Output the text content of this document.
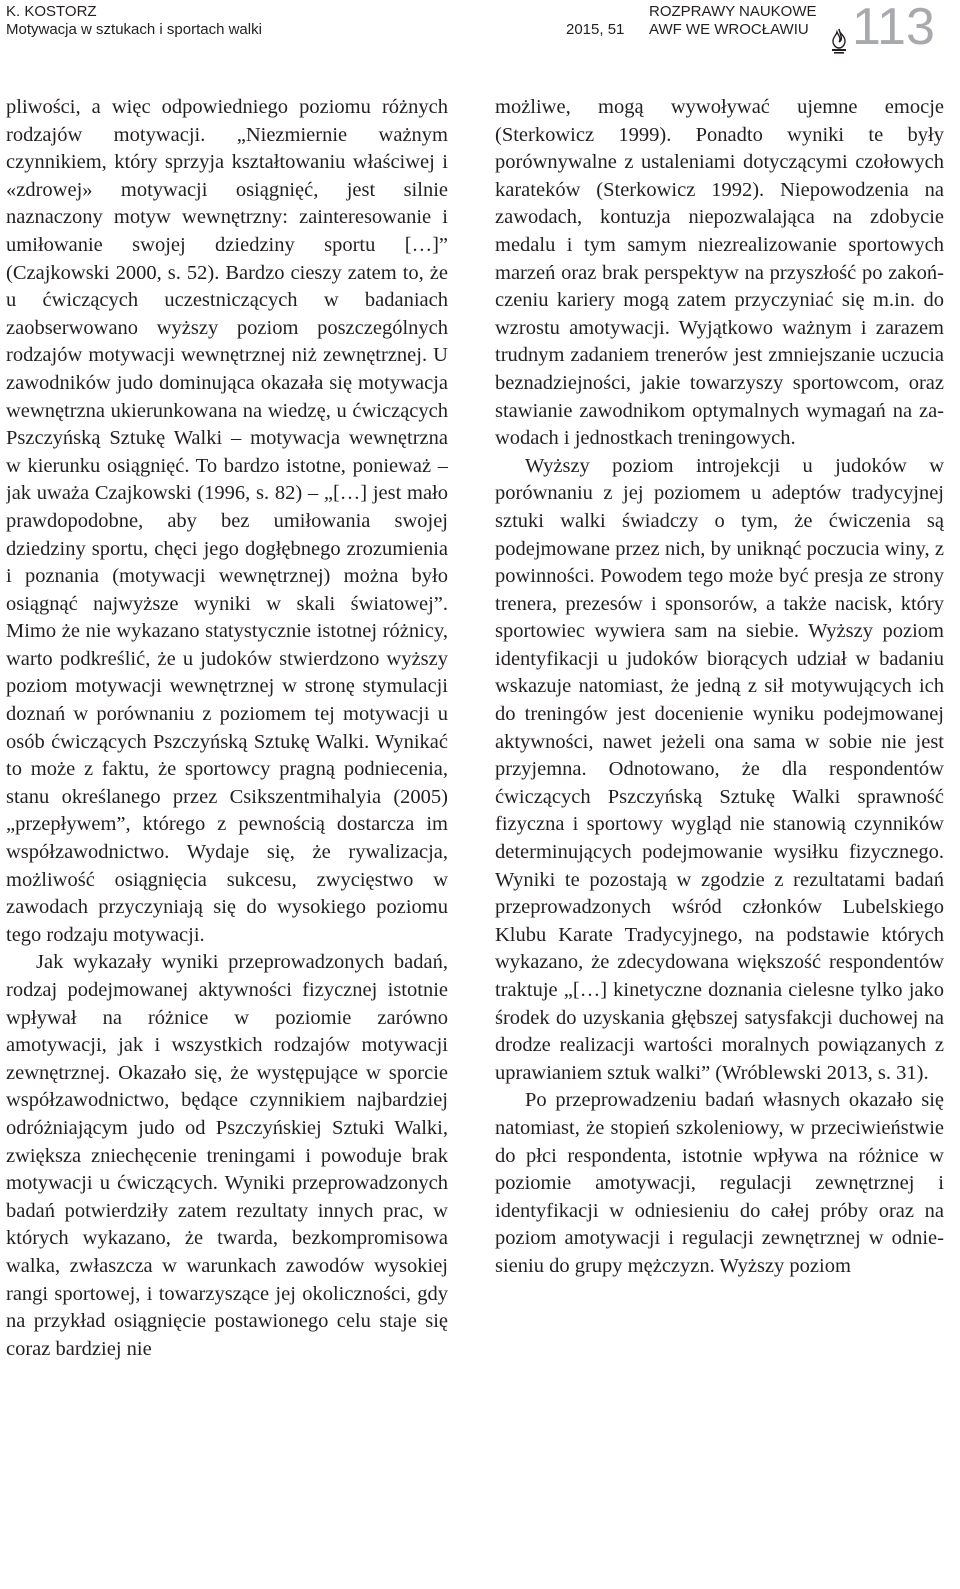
K. KOSTORZ
Motywacja w sztukach i sportach walki	2015, 51
ROZPRAWY NAUKOWE
AWF WE WROCŁAWIU 113

pliwości, a więc odpowiedniego poziomu różnych rodzajów motywacji. „Niezmiernie ważnym czynnikiem, który sprzyja kształtowaniu właściwej i «zdrowej» motywacji osiągnięć, jest silnie naznaczony motyw wewnętrzny: zainteresowanie i umiłowanie swojej dziedziny sportu […]” (Czajkowski 2000, s. 52). Bardzo cieszy zatem to, że u ćwiczących uczestniczących w badaniach zaobserwowano wyższy poziom poszczególnych rodzajów motywacji wewnętrznej niż zewnętrznej. U zawodników judo dominująca okazała się motywacja wewnętrzna ukierunkowana na wiedzę, u ćwiczących Pszczyńską Sztukę Walki – motywacja wewnętrzna w kierunku osiągnięć. To bardzo istotne, ponieważ – jak uważa Czajkowski (1996, s. 82) – „[…] jest mało prawdopodobne, aby bez umiłowania swojej dziedziny sportu, chęci jego dogłębnego zrozumienia i poznania (motywacji wewnętrznej) można było osiągnąć najwyższe wyniki w skali światowej”. Mimo że nie wykazano statystycznie istotnej różnicy, warto podkreślić, że u judoków stwierdzono wyższy poziom motywacji wewnętrznej w stronę stymulacji doznań w porównaniu z poziomem tej motywacji u osób ćwiczących Pszczyńską Sztukę Walki. Wynikać to może z faktu, że sportowcy pragną podniecenia, stanu określanego przez Csikszentmihalyia (2005) „przepływem”, którego z pewnością dostarcza im współzawodnictwo. Wydaje się, że rywalizacja, możliwość osiągnięcia sukcesu, zwycięstwo w zawodach przyczyniają się do wysokiego poziomu tego rodzaju motywacji.

Jak wykazały wyniki przeprowadzonych badań, rodzaj podejmowanej aktywności fizycznej istotnie wpływał na różnice w poziomie zarówno amotywacji, jak i wszystkich rodzajów motywacji zewnętrznej. Okazało się, że występujące w sporcie współzawodnictwo, będące czynnikiem najbardziej odróżniającym judo od Pszczyńskiej Sztuki Walki, zwiększa zniechęcenie treningami i powoduje brak motywacji u ćwiczących. Wyniki przeprowadzonych badań potwierdziły zatem rezultaty innych prac, w których wykazano, że twarda, bezkompromisowa walka, zwłaszcza w warunkach zawodów wysokiej rangi sportowej, i towarzyszące jej okoliczności, gdy na przykład osiągnięcie postawionego celu staje się coraz bardziej nie

możliwe, mogą wywoływać ujemne emocje (Sterkowicz 1999). Ponadto wyniki te były porównywalne z ustaleniami dotyczącymi czołowych karateków (Sterkowicz 1992). Niepowodzenia na zawodach, kontuzja niepozwalająca na zdobycie medalu i tym samym niezrealizowanie sportowych marzeń oraz brak perspektyw na przyszłość po zakończeniu kariery mogą zatem przyczyniać się m.in. do wzrostu amotywacji. Wyjątkowo ważnym i zarazem trudnym zadaniem trenerów jest zmniejszanie uczucia beznadziejności, jakie towarzyszy sportowcom, oraz stawianie zawodnikom optymalnych wymagań na zawodach i jednostkach treningowych.

Wyższy poziom introjekcji u judoków w porównaniu z jej poziomem u adeptów tradycyjnej sztuki walki świadczy o tym, że ćwiczenia są podejmowane przez nich, by uniknąć poczucia winy, z powinności. Powodem tego może być presja ze strony trenera, prezesów i sponsorów, a także nacisk, który sportowiec wywiera sam na siebie. Wyższy poziom identyfikacji u judoków biorących udział w badaniu wskazuje natomiast, że jedną z sił motywujących ich do treningów jest docenienie wyniku podejmowanej aktywności, nawet jeżeli ona sama w sobie nie jest przyjemna. Odnotowano, że dla respondentów ćwiczących Pszczyńską Sztukę Walki sprawność fizyczna i sportowy wygląd nie stanowią czynników determinujących podejmowanie wysiłku fizycznego. Wyniki te pozostają w zgodzie z rezultatami badań przeprowadzonych wśród członków Lubelskiego Klubu Karate Tradycyjnego, na podstawie których wykazano, że zdecydowana większość respondentów traktuje „[…] kinetyczne doznania cielesne tylko jako środek do uzyskania głębszej satysfakcji duchowej na drodze realizacji wartości moralnych powiązanych z uprawianiem sztuk walki” (Wróblewski 2013, s. 31).

Po przeprowadzeniu badań własnych okazało się natomiast, że stopień szkoleniowy, w przeciwieństwie do płci respondenta, istotnie wpływa na różnice w poziomie amotywacji, regulacji zewnętrznej i identyfikacji w odniesieniu do całej próby oraz na poziom amotywacji i regulacji zewnętrznej w odniesieniu do grupy mężczyzn. Wyższy poziom
